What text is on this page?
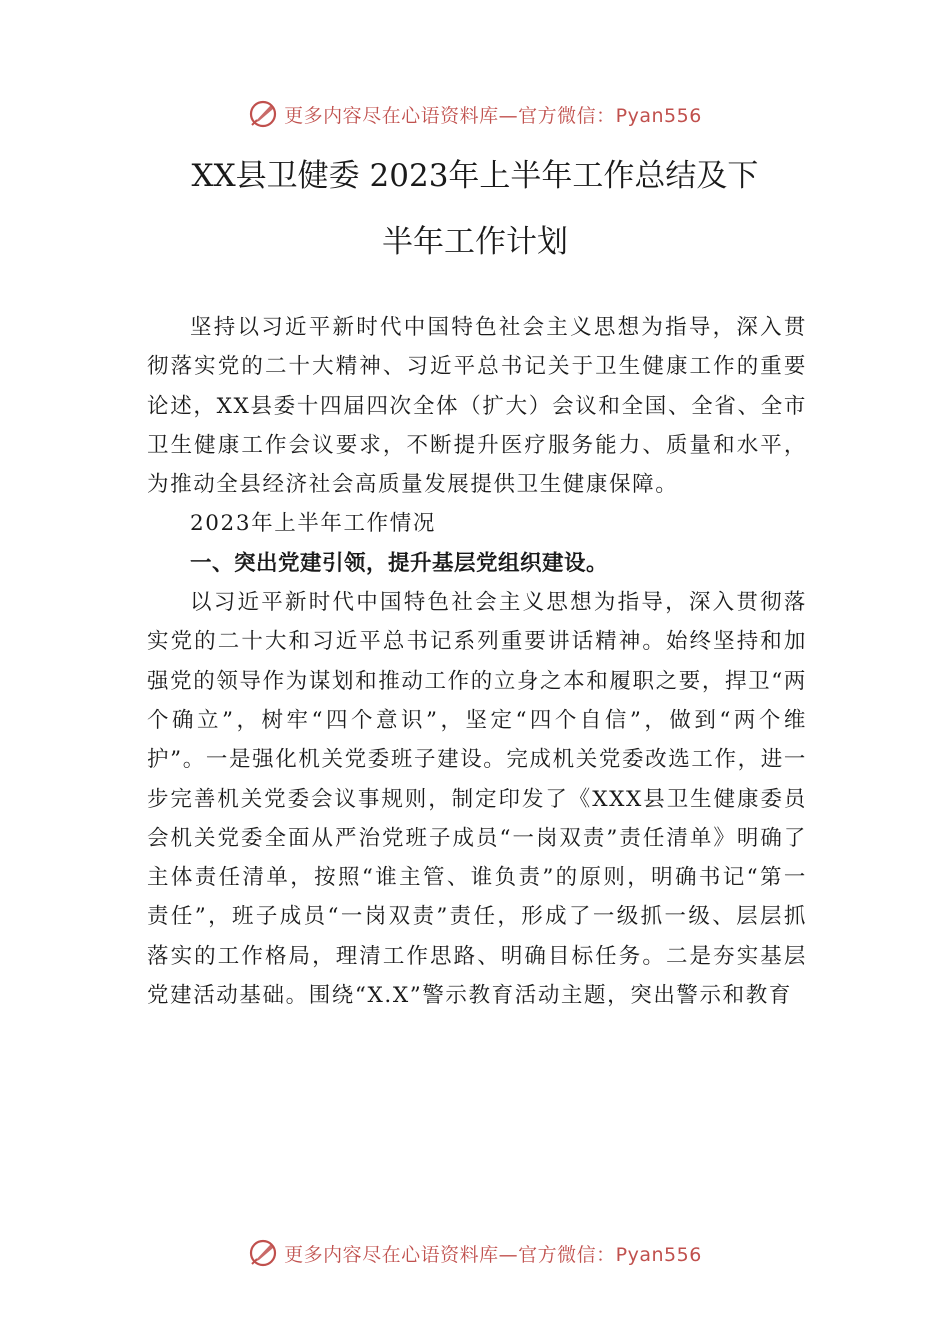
更多内容尽在心语资料库—官方微信：Pyan556
XX县卫健委 2023年上半年工作总结及下
半年工作计划

坚持以习近平新时代中国特色社会主义思想为指导，深入贯彻落实党的二十大精神、习近平总书记关于卫生健康工作的重要论述，XX县委十四届四次全体（扩大）会议和全国、全省、全市卫生健康工作会议要求，不断提升医疗服务能力、质量和水平，为推动全县经济社会高质量发展提供卫生健康保障。

2023年上半年工作情况

一、突出党建引领，提升基层党组织建设。

以习近平新时代中国特色社会主义思想为指导，深入贯彻落实党的二十大和习近平总书记系列重要讲话精神。始终坚持和加强党的领导作为谋划和推动工作的立身之本和履职之要，捍卫“两个确立”，树牢“四个意识”，坚定“四个自信”，做到“两个维护”。一是强化机关党委班子建设。完成机关党委改选工作，进一步完善机关党委会议事规则，制定印发了《XXX县卫生健康委员会机关党委全面从严治党班子成员“一岗双责”责任清单》明确了主体责任清单，按照“谁主管、谁负责”的原则，明确书记“第一责任”，班子成员“一岗双责”责任，形成了一级抓一级、层层抓落实的工作格局，理清工作思路、明确目标任务。二是夯实基层党建活动基础。围绕“X.X”警示教育活动主题，突出警示和教育

更多内容尽在心语资料库—官方微信：Pyan556
